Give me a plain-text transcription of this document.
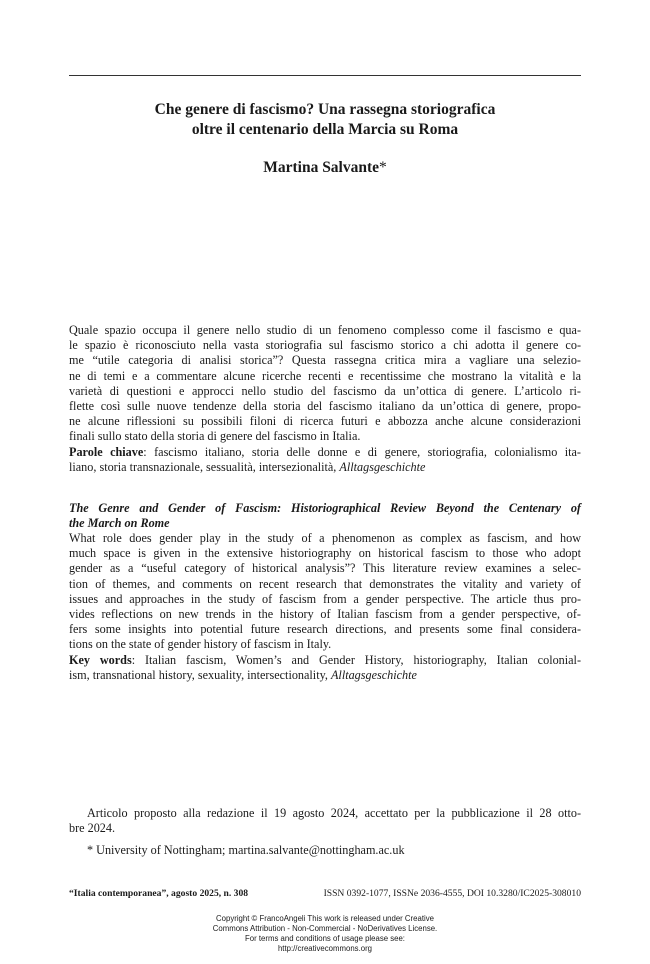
Che genere di fascismo? Una rassegna storiografica
oltre il centenario della Marcia su Roma
Martina Salvante*
Quale spazio occupa il genere nello studio di un fenomeno complesso come il fascismo e qua-
le spazio è riconosciuto nella vasta storiografia sul fascismo storico a chi adotta il genere co-
me “utile categoria di analisi storica”? Questa rassegna critica mira a vagliare una selezio-
ne di temi e a commentare alcune ricerche recenti e recentissime che mostrano la vitalità e la
varietà di questioni e approcci nello studio del fascismo da un’ottica di genere. L’articolo ri-
flette così sulle nuove tendenze della storia del fascismo italiano da un’ottica di genere, propo-
ne alcune riflessioni su possibili filoni di ricerca futuri e abbozza anche alcune considerazioni
finali sullo stato della storia di genere del fascismo in Italia.
Parole chiave: fascismo italiano, storia delle donne e di genere, storiografia, colonialismo ita-
liano, storia transnazionale, sessualità, intersezionalità, Alltagsgeschichte
The Genre and Gender of Fascism: Historiographical Review Beyond the Centenary of
the March on Rome
What role does gender play in the study of a phenomenon as complex as fascism, and how
much space is given in the extensive historiography on historical fascism to those who adopt
gender as a “useful category of historical analysis”? This literature review examines a selec-
tion of themes, and comments on recent research that demonstrates the vitality and variety of
issues and approaches in the study of fascism from a gender perspective. The article thus pro-
vides reflections on new trends in the history of Italian fascism from a gender perspective, of-
fers some insights into potential future research directions, and presents some final considera-
tions on the state of gender history of fascism in Italy.
Key words: Italian fascism, Women’s and Gender History, historiography, Italian colonial-
ism, transnational history, sexuality, intersectionality, Alltagsgeschichte
Articolo proposto alla redazione il 19 agosto 2024, accettato per la pubblicazione il 28 otto-
bre 2024.
* University of Nottingham; martina.salvante@nottingham.ac.uk
“Italia contemporanea”, agosto 2025, n. 308	ISSN 0392-1077, ISSNe 2036-4555, DOI 10.3280/IC2025-308010
Copyright © FrancoAngeli This work is released under Creative
Commons Attribution - Non-Commercial - NoDerivatives License.
For terms and conditions of usage please see:
http://creativecommons.org
